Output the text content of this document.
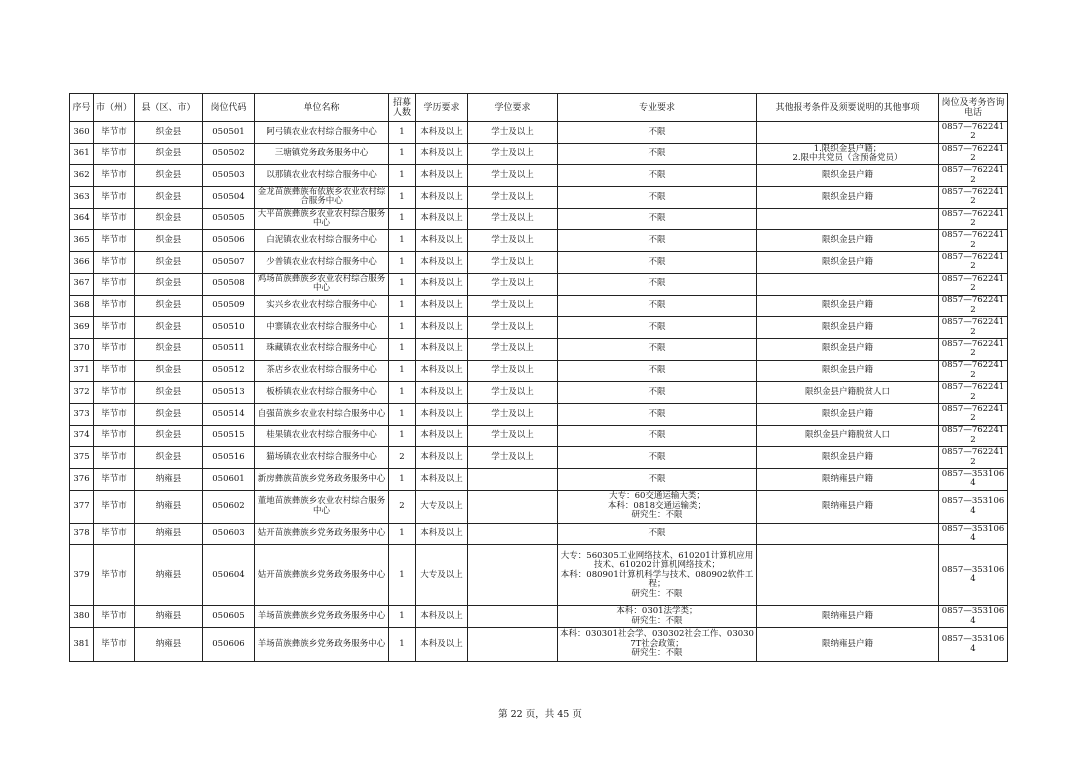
序号	市（州）	县（区、市）	岗位代码	单位名称	招募人数	学历要求	学位要求	专业要求	其他报考条件及须要说明的其他事项	岗位及考务咨询电话
360	毕节市	织金县	050501	阿弓镇农业农村综合服务中心	1	本科及以上	学士及以上	不限		0857—7622412
361	毕节市	织金县	050502	三塘镇党务政务服务中心	1	本科及以上	学士及以上	不限	1.限织金县户籍；
2.限中共党员（含预备党员）	0857—7622412
362	毕节市	织金县	050503	以那镇农业农村综合服务中心	1	本科及以上	学士及以上	不限	限织金县户籍	0857—7622412
363	毕节市	织金县	050504	金龙苗族彝族布依族乡农业农村综合服务中心	1	本科及以上	学士及以上	不限	限织金县户籍	0857—7622412
364	毕节市	织金县	050505	大平苗族彝族乡农业农村综合服务中心	1	本科及以上	学士及以上	不限		0857—7622412
365	毕节市	织金县	050506	白泥镇农业农村综合服务中心	1	本科及以上	学士及以上	不限	限织金县户籍	0857—7622412
366	毕节市	织金县	050507	少普镇农业农村综合服务中心	1	本科及以上	学士及以上	不限	限织金县户籍	0857—7622412
367	毕节市	织金县	050508	鸡场苗族彝族乡农业农村综合服务中心	1	本科及以上	学士及以上	不限		0857—7622412
368	毕节市	织金县	050509	实兴乡农业农村综合服务中心	1	本科及以上	学士及以上	不限	限织金县户籍	0857—7622412
369	毕节市	织金县	050510	中寨镇农业农村综合服务中心	1	本科及以上	学士及以上	不限	限织金县户籍	0857—7622412
370	毕节市	织金县	050511	珠藏镇农业农村综合服务中心	1	本科及以上	学士及以上	不限	限织金县户籍	0857—7622412
371	毕节市	织金县	050512	茶店乡农业农村综合服务中心	1	本科及以上	学士及以上	不限	限织金县户籍	0857—7622412
372	毕节市	织金县	050513	板桥镇农业农村综合服务中心	1	本科及以上	学士及以上	不限	限织金县户籍脱贫人口	0857—7622412
373	毕节市	织金县	050514	自强苗族乡农业农村综合服务中心	1	本科及以上	学士及以上	不限	限织金县户籍	0857—7622412
374	毕节市	织金县	050515	桂果镇农业农村综合服务中心	1	本科及以上	学士及以上	不限	限织金县户籍脱贫人口	0857—7622412
375	毕节市	织金县	050516	猫场镇农业农村综合服务中心	2	本科及以上	学士及以上	不限	限织金县户籍	0857—7622412
376	毕节市	纳雍县	050601	新房彝族苗族乡党务政务服务中心	1	本科及以上		不限	限纳雍县户籍	0857—3531064
377	毕节市	纳雍县	050602	董地苗族彝族乡农业农村综合服务中心	2	大专及以上		大专：60交通运输大类；
本科：0818交通运输类；
研究生：不限	限纳雍县户籍	0857—3531064
378	毕节市	纳雍县	050603	姑开苗族彝族乡党务政务服务中心	1	本科及以上		不限		0857—3531064
379	毕节市	纳雍县	050604	姑开苗族彝族乡党务政务服务中心	1	大专及以上		大专：560305工业网络技术、610201计算机应用技术、610202计算机网络技术；
本科：080901计算机科学与技术、080902软件工程；
研究生：不限		0857—3531064
380	毕节市	纳雍县	050605	羊场苗族彝族乡党务政务服务中心	1	本科及以上		本科：0301法学类；
研究生：不限	限纳雍县户籍	0857—3531064
381	毕节市	纳雍县	050606	羊场苗族彝族乡党务政务服务中心	1	本科及以上		本科：030301社会学、030302社会工作、030307T社会政策；
研究生：不限	限纳雍县户籍	0857—3531064
第 22 页，共 45 页
